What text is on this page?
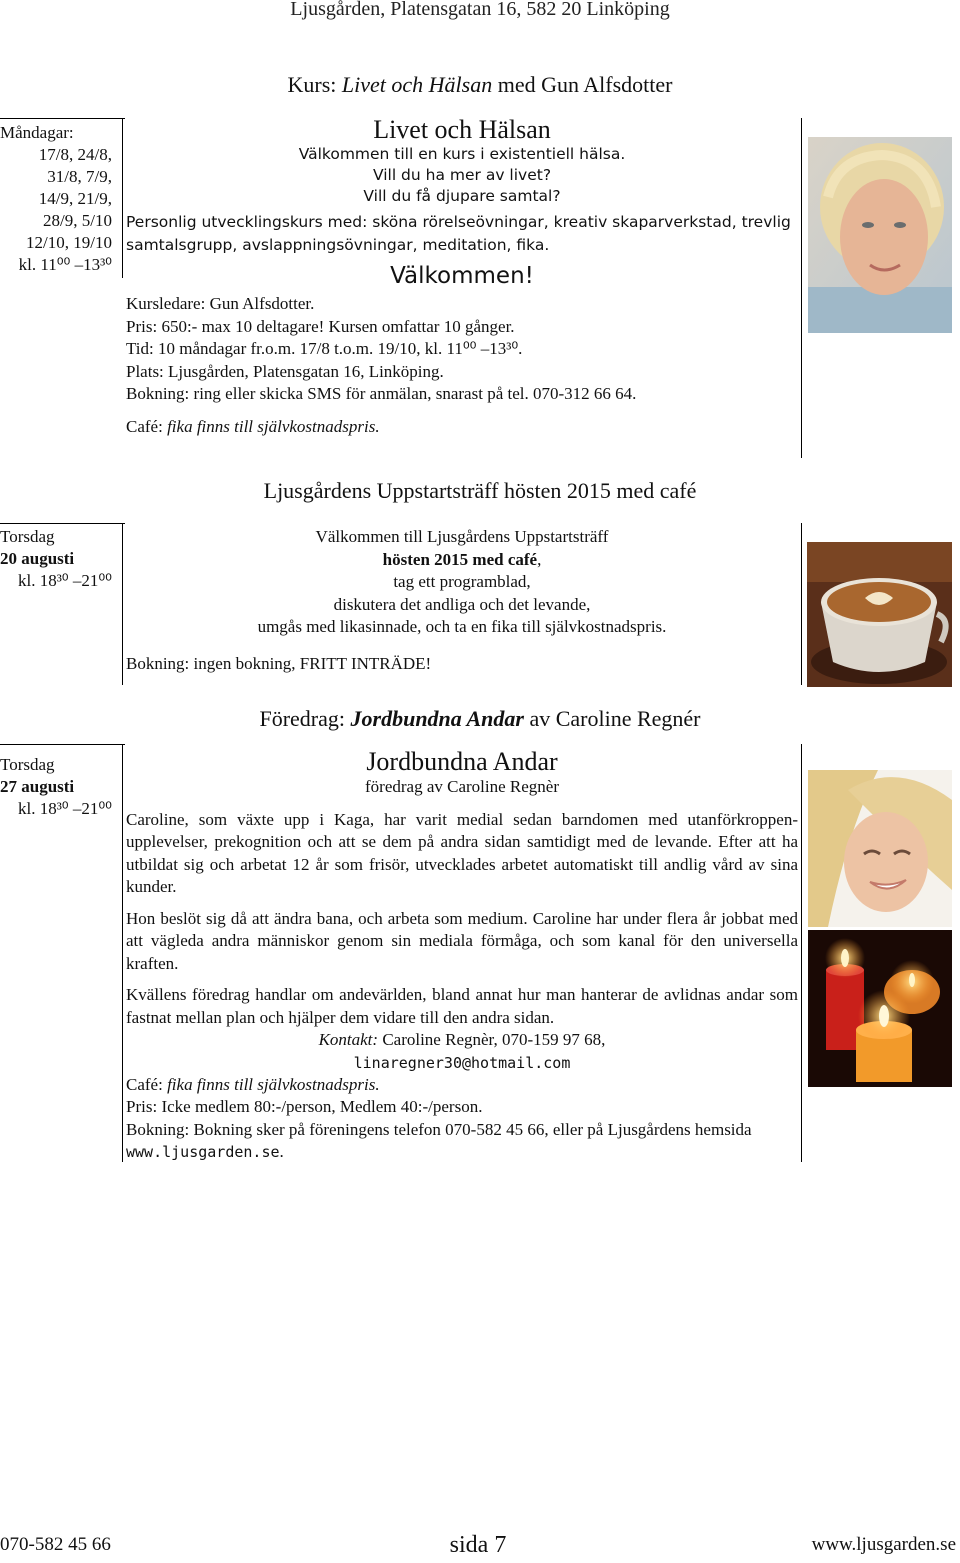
Ljusgården, Platensgatan 16, 582 20 Linköping
Kurs: Livet och Hälsan med Gun Alfsdotter
Måndagar:
17/8, 24/8,
31/8, 7/9,
14/9, 21/9,
28/9, 5/10
12/10, 19/10
kl. 11⁰⁰ –13³⁰
Livet och Hälsan
Välkommen till en kurs i existentiell hälsa.
Vill du ha mer av livet?
Vill du få djupare samtal?
Personlig utvecklingskurs med: sköna rörelseövningar, kreativ skaparverkstad, trevlig samtalsgrupp, avslappningsövningar, meditation, fika.
Välkommen!
Kursledare: Gun Alfsdotter.
Pris: 650:- max 10 deltagare! Kursen omfattar 10 gånger.
Tid: 10 måndagar fr.o.m. 17/8 t.o.m. 19/10, kl. 11⁰⁰ –13³⁰.
Plats: Ljusgården, Platensgatan 16, Linköping.
Bokning: ring eller skicka SMS för anmälan, snarast på tel. 070-312 66 64.
Café: fika finns till självkostnadspris.
Ljusgårdens Uppstartsträff hösten 2015 med café
Torsdag
20 augusti
kl. 18³⁰ –21⁰⁰
Välkommen till Ljusgårdens Uppstartsträff
hösten 2015 med café,
tag ett programblad,
diskutera det andliga och det levande,
umgås med likasinnade, och ta en fika till självkostnadspris.
Bokning: ingen bokning, FRITT INTRÄDE!
Föredrag: Jordbundna Andar av Caroline Regnér
Torsdag
27 augusti
kl. 18³⁰ –21⁰⁰
Jordbundna Andar
föredrag av Caroline Regnèr
Caroline, som växte upp i Kaga, har varit medial sedan barndomen med utanförkroppen-upplevelser, prekognition och att se dem på andra sidan samtidigt med de levande. Efter att ha utbildat sig och arbetat 12 år som frisör, utvecklades arbetet automatiskt till andlig vård av sina kunder.
Hon beslöt sig då att ändra bana, och arbeta som medium. Caroline har under flera år jobbat med att vägleda andra människor genom sin mediala förmåga, och som kanal för den universella kraften.
Kvällens föredrag handlar om andevärlden, bland annat hur man hanterar de avlidnas andar som fastnat mellan plan och hjälper dem vidare till den andra sidan.
Kontakt: Caroline Regnèr, 070-159 97 68,
linaregner30@hotmail.com
Café: fika finns till självkostnadspris.
Pris: Icke medlem 80:-/person, Medlem 40:-/person.
Bokning: Bokning sker på föreningens telefon 070-582 45 66, eller på Ljusgårdens hemsida www.ljusgarden.se.
070-582 45 66	sida 7	www.ljusgarden.se
